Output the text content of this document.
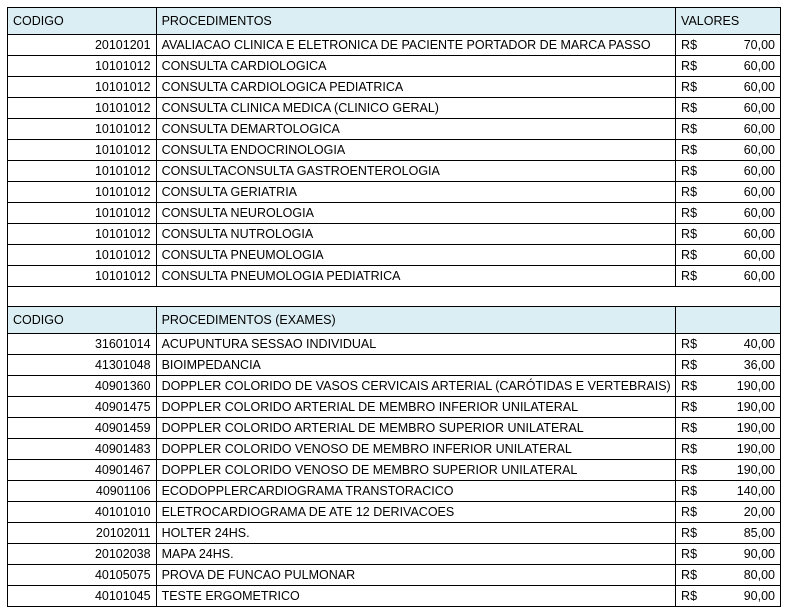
CODIGO	PROCEDIMENTOS	VALORES
20101201	AVALIACAO CLINICA E ELETRONICA DE PACIENTE PORTADOR DE MARCA PASSO	R$ 70,00

10101012	CONSULTA CARDIOLOGICA	R$ 60,00

10101012	CONSULTA CARDIOLOGICA PEDIATRICA	R$ 60,00

10101012	CONSULTA CLINICA MEDICA (CLINICO GERAL)	R$ 60,00

10101012	CONSULTA DEMARTOLOGICA	R$ 60,00

10101012	CONSULTA ENDOCRINOLOGIA	R$ 60,00

10101012	CONSULTACONSULTA GASTROENTEROLOGIA	R$ 60,00

10101012	CONSULTA GERIATRIA	R$ 60,00

10101012	CONSULTA NEUROLOGIA	R$ 60,00

10101012	CONSULTA NUTROLOGIA	R$ 60,00

10101012	CONSULTA PNEUMOLOGIA	R$ 60,00

10101012	CONSULTA PNEUMOLOGIA PEDIATRICA	R$ 60,00

CODIGO	PROCEDIMENTOS (EXAMES)	
31601014	ACUPUNTURA SESSAO INDIVIDUAL	R$ 40,00

41301048	BIOIMPEDANCIA	R$ 36,00

40901360	DOPPLER COLORIDO DE VASOS CERVICAIS ARTERIAL (CARÓTIDAS E VERTEBRAIS)	R$ 190,00

40901475	DOPPLER COLORIDO ARTERIAL DE MEMBRO INFERIOR UNILATERAL	R$ 190,00

40901459	DOPPLER COLORIDO ARTERIAL DE MEMBRO SUPERIOR UNILATERAL	R$ 190,00

40901483	DOPPLER COLORIDO VENOSO DE MEMBRO INFERIOR UNILATERAL	R$ 190,00

40901467	DOPPLER COLORIDO VENOSO DE MEMBRO SUPERIOR UNILATERAL	R$ 190,00

40901106	ECODOPPLERCARDIOGRAMA TRANSTORACICO	R$ 140,00

40101010	ELETROCARDIOGRAMA DE ATE 12 DERIVACOES	R$ 20,00

20102011	HOLTER 24HS.	R$ 85,00

20102038	MAPA 24HS.	R$ 90,00

40105075	PROVA DE FUNCAO PULMONAR	R$ 80,00

40101045	TESTE ERGOMETRICO	R$ 90,00
